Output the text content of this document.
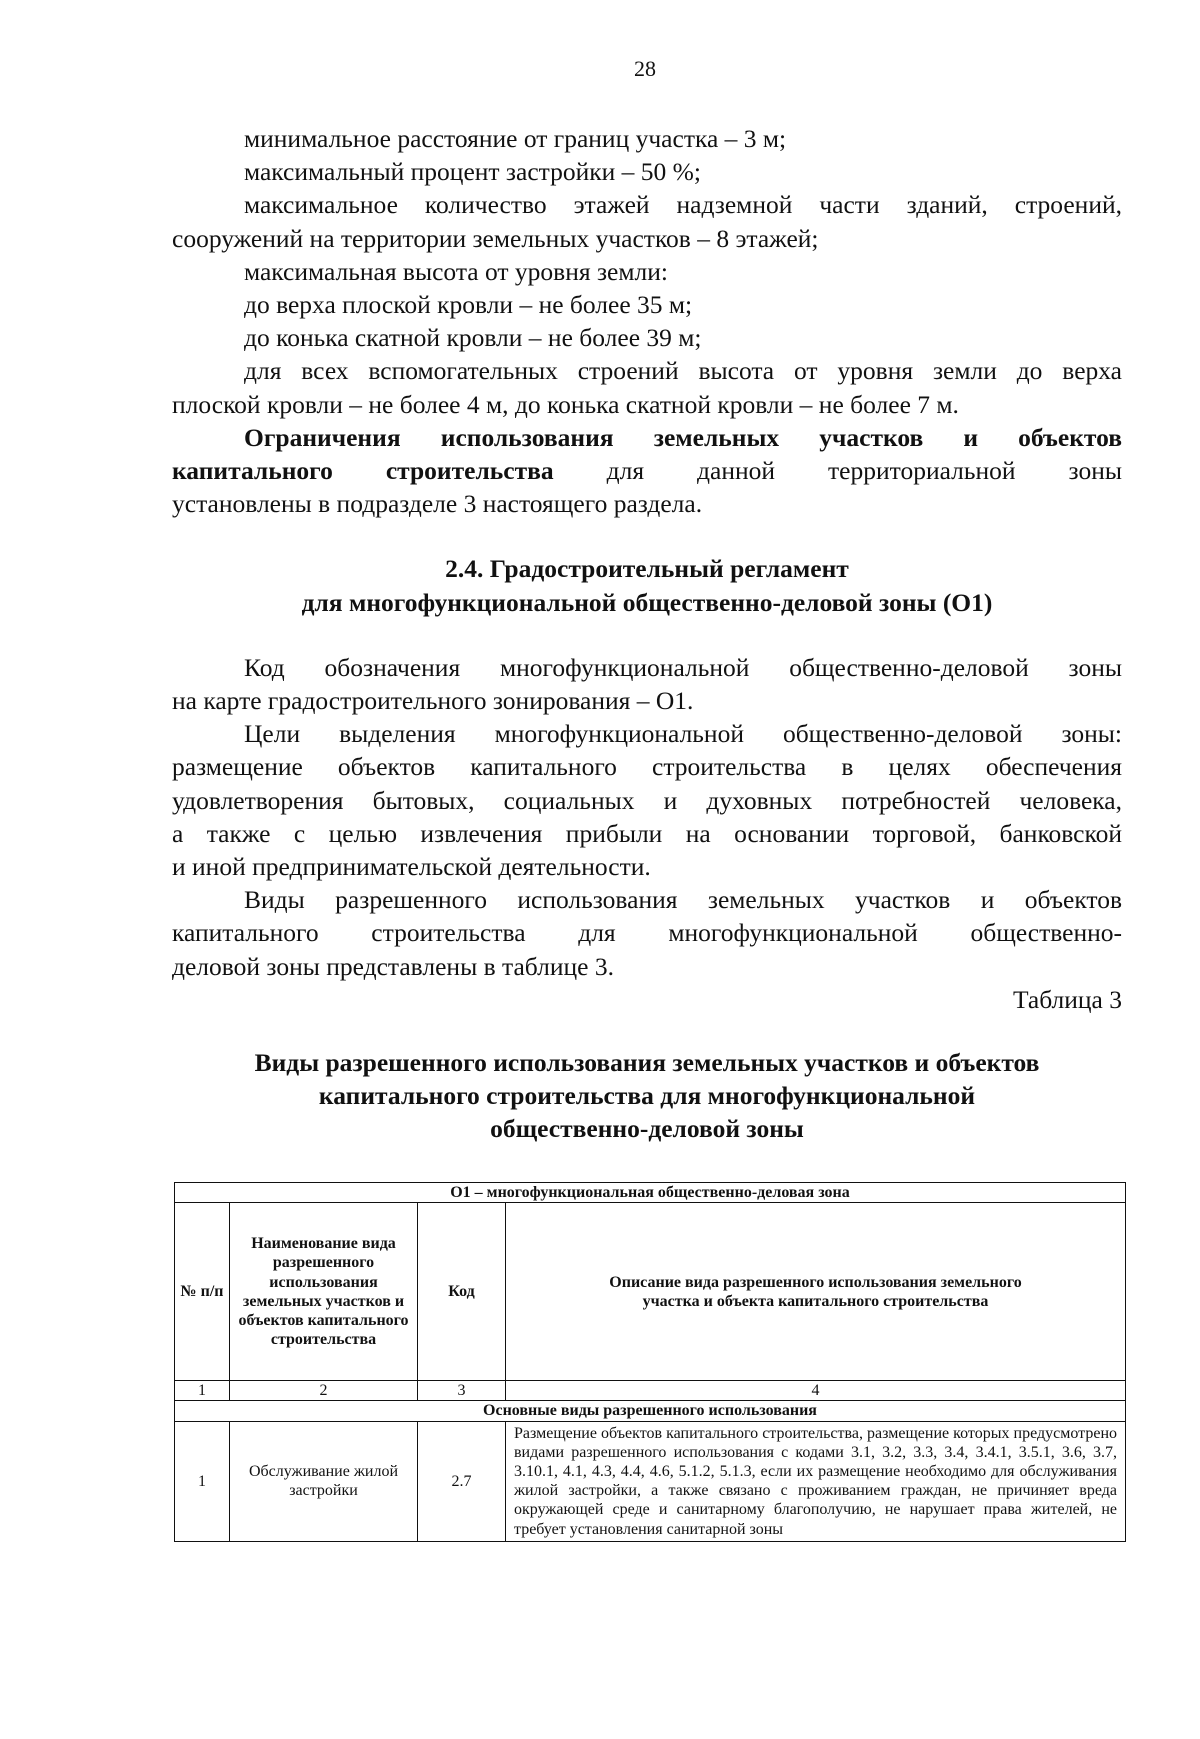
28
минимальное расстояние от границ участка – 3 м;
максимальный процент застройки – 50 %;
максимальное количество этажей надземной части зданий, строений,
сооружений на территории земельных участков – 8 этажей;
максимальная высота от уровня земли:
до верха плоской кровли – не более 35 м;
до конька скатной кровли – не более 39 м;
для всех вспомогательных строений высота от уровня земли до верха
плоской кровли – не более 4 м, до конька скатной кровли – не более 7 м.
Ограничения использования земельных участков и объектов
капитального строительства для данной территориальной зоны
установлены в подразделе 3 настоящего раздела.
2.4. Градостроительный регламент
для многофункциональной общественно-деловой зоны (О1)
Код обозначения многофункциональной общественно-деловой зоны
на карте градостроительного зонирования – О1.
Цели выделения многофункциональной общественно-деловой зоны:
размещение объектов капитального строительства в целях обеспечения
удовлетворения бытовых, социальных и духовных потребностей человека,
а также с целью извлечения прибыли на основании торговой, банковской
и иной предпринимательской деятельности.
Виды разрешенного использования земельных участков и объектов
капитального строительства для многофункциональной общественно-
деловой зоны представлены в таблице 3.
Таблица 3
Виды разрешенного использования земельных участков и объектов
капитального строительства для многофункциональной
общественно-деловой зоны
О1 – многофункциональная общественно-деловая зона			
№ п/п	Наименование вида разрешенного использования земельных участков и объектов капитального строительства	Код	Описание вида разрешенного использования земельного участка и объекта капитального строительства
1	2	3	4
Основные виды разрешенного использования			
1	Обслуживание жилой застройки	2.7	Размещение объектов капитального строительства, размещение которых предусмотрено видами разрешенного использования с кодами 3.1, 3.2, 3.3, 3.4, 3.4.1, 3.5.1, 3.6, 3.7, 3.10.1, 4.1, 4.3, 4.4, 4.6, 5.1.2, 5.1.3, если их размещение необходимо для обслуживания жилой застройки, а также связано с проживанием граждан, не причиняет вреда окружающей среде и санитарному благополучию, не нарушает права жителей, не требует установления санитарной зоны
